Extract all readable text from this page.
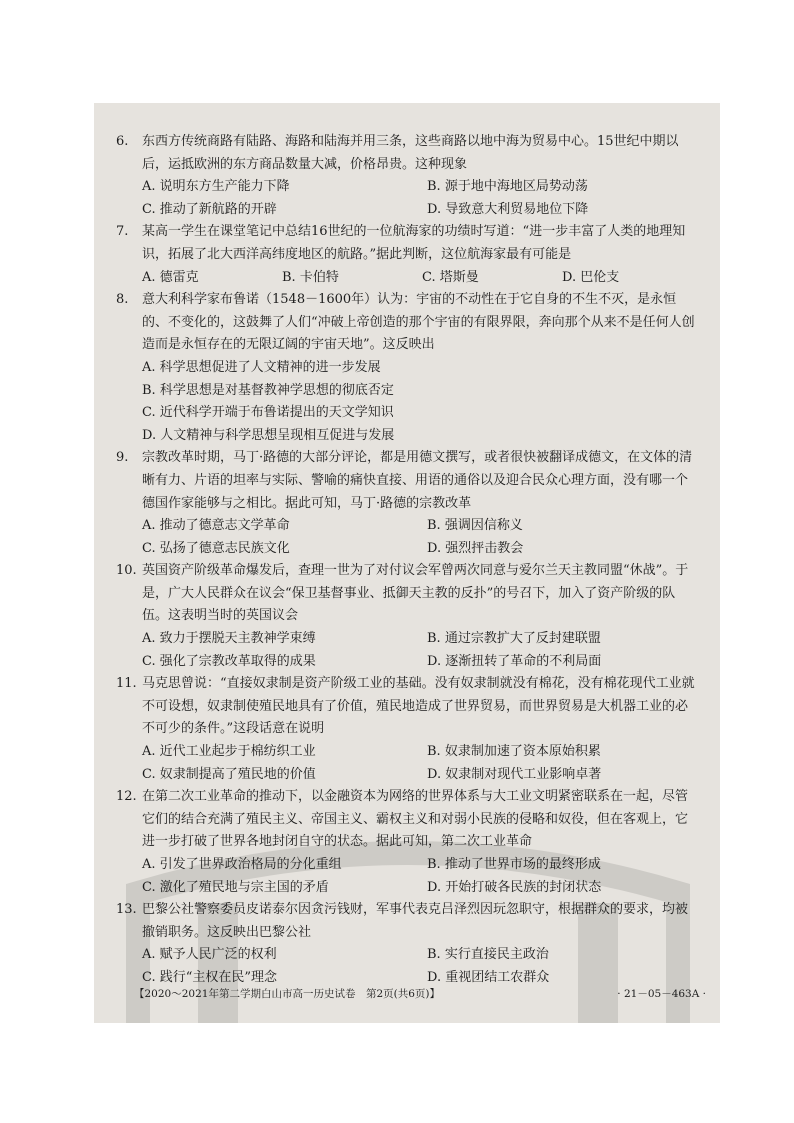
6. 东西方传统商路有陆路、海路和陆海并用三条，这些商路以地中海为贸易中心。15世纪中期以后，运抵欧洲的东方商品数量大减，价格昂贵。这种现象

A. 说明东方生产能力下降	B. 源于地中海地区局势动荡
C. 推动了新航路的开辟	D. 导致意大利贸易地位下降

7. 某高一学生在课堂笔记中总结16世纪的一位航海家的功绩时写道：“进一步丰富了人类的地理知识，拓展了北大西洋高纬度地区的航路。”据此判断，这位航海家最有可能是

A. 德雷克	B. 卡伯特	C. 塔斯曼	D. 巴伦支

8. 意大利科学家布鲁诺（1548－1600年）认为：宇宙的不动性在于它自身的不生不灭，是永恒的、不变化的，这鼓舞了人们“冲破上帝创造的那个宇宙的有限界限，奔向那个从来不是任何人创造而是永恒存在的无限辽阔的宇宙天地”。这反映出

A. 科学思想促进了人文精神的进一步发展
B. 科学思想是对基督教神学思想的彻底否定
C. 近代科学开端于布鲁诺提出的天文学知识
D. 人文精神与科学思想呈现相互促进与发展

9. 宗教改革时期，马丁·路德的大部分评论，都是用德文撰写，或者很快被翻译成德文，在文体的清晰有力、片语的坦率与实际、警喻的痛快直接、用语的通俗以及迎合民众心理方面，没有哪一个德国作家能够与之相比。据此可知，马丁·路德的宗教改革

A. 推动了德意志文学革命	B. 强调因信称义
C. 弘扬了德意志民族文化	D. 强烈抨击教会

10. 英国资产阶级革命爆发后，查理一世为了对付议会军曾两次同意与爱尔兰天主教同盟“休战”。于是，广大人民群众在议会“保卫基督事业、抵御天主教的反扑”的号召下，加入了资产阶级的队伍。这表明当时的英国议会

A. 致力于摆脱天主教神学束缚	B. 通过宗教扩大了反封建联盟
C. 强化了宗教改革取得的成果	D. 逐渐扭转了革命的不利局面

11. 马克思曾说：“直接奴隶制是资产阶级工业的基础。没有奴隶制就没有棉花，没有棉花现代工业就不可设想，奴隶制使殖民地具有了价值，殖民地造成了世界贸易，而世界贸易是大机器工业的必不可少的条件。”这段话意在说明

A. 近代工业起步于棉纺织工业	B. 奴隶制加速了资本原始积累
C. 奴隶制提高了殖民地的价值	D. 奴隶制对现代工业影响卓著

12. 在第二次工业革命的推动下，以金融资本为网络的世界体系与大工业文明紧密联系在一起，尽管它们的结合充满了殖民主义、帝国主义、霸权主义和对弱小民族的侵略和奴役，但在客观上，它进一步打破了世界各地封闭自守的状态。据此可知，第二次工业革命

A. 引发了世界政治格局的分化重组	B. 推动了世界市场的最终形成
C. 激化了殖民地与宗主国的矛盾	D. 开始打破各民族的封闭状态

13. 巴黎公社警察委员皮诺泰尔因贪污钱财，军事代表克吕泽烈因玩忽职守，根据群众的要求，均被撤销职务。这反映出巴黎公社

A. 赋予人民广泛的权利	B. 实行直接民主政治
C. 践行“主权在民”理念	D. 重视团结工农群众
【2020～2021年第二学期白山市高一历史试卷　第2页(共6页)】	· 21－05－463A ·
